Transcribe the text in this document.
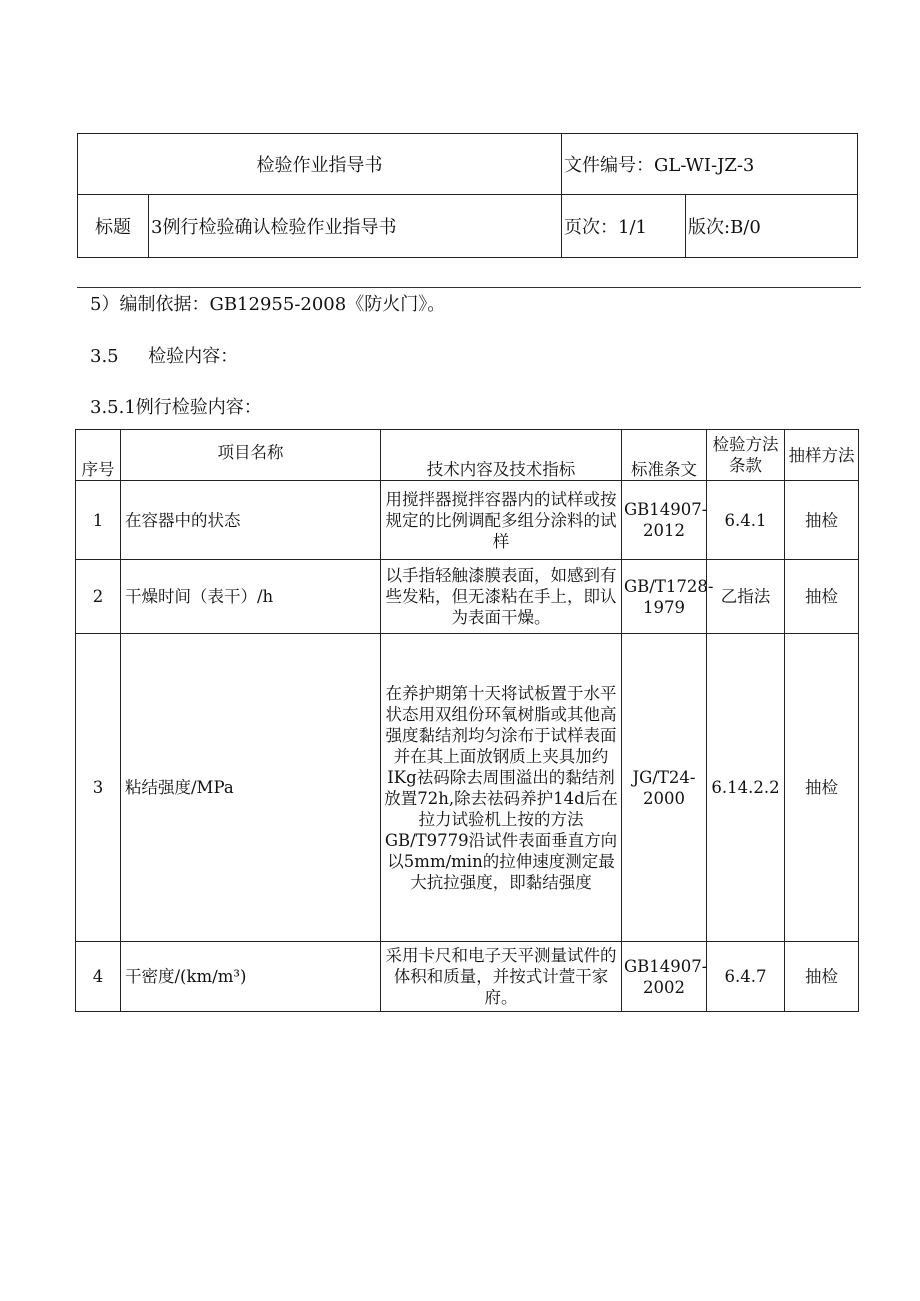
检验作业指导书		文件编号：GL-WI-JZ-3	
标题	3例行检验确认检验作业指导书	页次：1/1	版次:B/0
5）编制依据：GB12955-2008《防火门》。
3.5 检验内容：
3.5.1例行检验内容：
序号	项目名称	技术内容及技术指标	标准条文	检验方法条款	抽样方法
1	在容器中的状态	用搅拌器搅拌容器内的试样或按规定的比例调配多组分涂料的试样	GB14907-2012	6.4.1	抽检
2	干燥时间（表干）/h	以手指轻触漆膜表面，如感到有些发粘，但无漆粘在手上，即认为表面干燥。	GB/T1728-1979	乙指法	抽检
3	粘结强度/MPa	在养护期第十天将试板置于水平状态用双组份环氧树脂或其他高强度黏结剂均匀涂布于试样表面并在其上面放钢质上夹具加约IKg祛码除去周围溢出的黏结剂放置72h,除去祛码养护14d后在拉力试验机上按的方法GB/T9779沿试件表面垂直方向以5mm∕min的拉伸速度测定最大抗拉强度，即黏结强度	JG/T24-2000	6.14.2.2	抽检
4	干密度/(km∕m³)	采用卡尺和电子天平测量试件的体积和质量，并按式计萱干家府。	GB14907-2002	6.4.7	抽检
